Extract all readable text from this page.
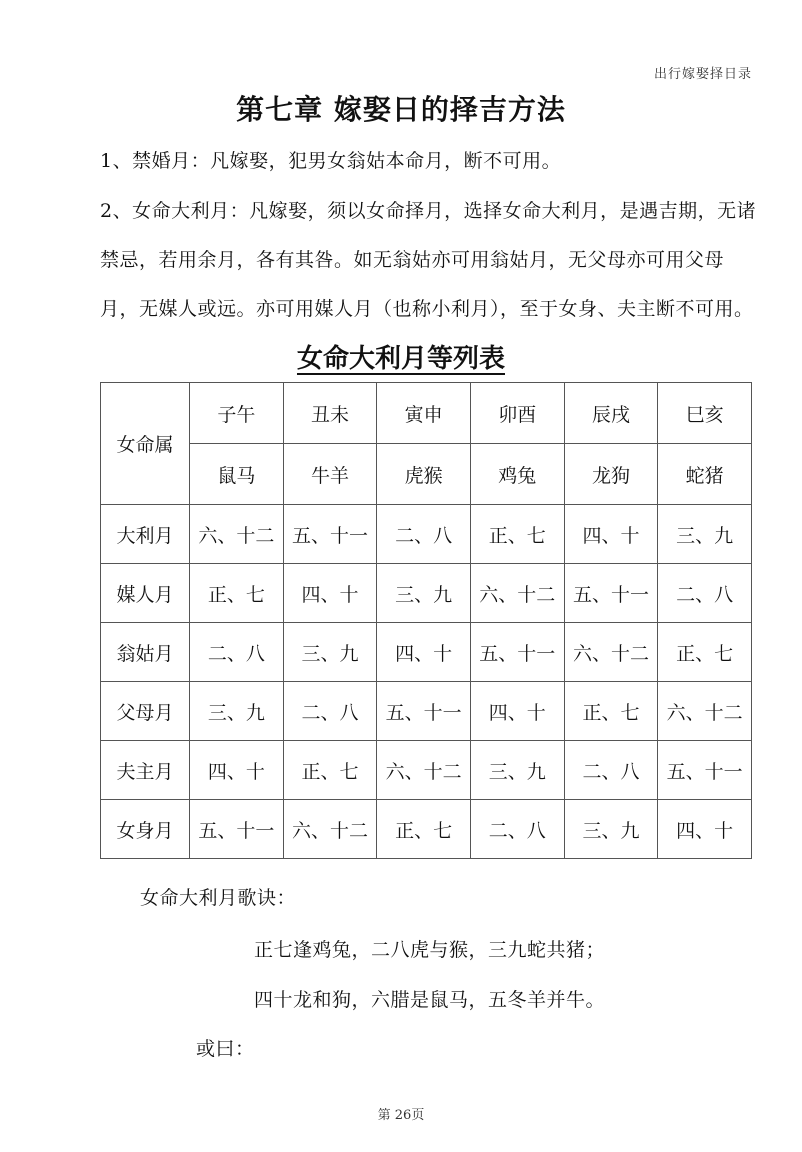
出行嫁娶择日录
第七章 嫁娶日的择吉方法
1、禁婚月：凡嫁娶，犯男女翁姑本命月，断不可用。
2、女命大利月：凡嫁娶，须以女命择月，选择女命大利月，是遇吉期，无诸禁忌，若用余月，各有其咎。如无翁姑亦可用翁姑月，无父母亦可用父母月，无媒人或远。亦可用媒人月（也称小利月），至于女身、夫主断不可用。
女命大利月等列表
女命属	子午	丑未	寅申	卯酉	辰戌	巳亥
	鼠马	牛羊	虎猴	鸡兔	龙狗	蛇猪
大利月	六、十二	五、十一	二、八	正、七	四、十	三、九
媒人月	正、七	四、十	三、九	六、十二	五、十一	二、八
翁姑月	二、八	三、九	四、十	五、十一	六、十二	正、七
父母月	三、九	二、八	五、十一	四、十	正、七	六、十二
夫主月	四、十	正、七	六、十二	三、九	二、八	五、十一
女身月	五、十一	六、十二	正、七	二、八	三、九	四、十
女命大利月歌诀：
正七逢鸡兔，二八虎与猴，三九蛇共猪；
四十龙和狗，六腊是鼠马，五冬羊并牛。
或曰：
第 26页
